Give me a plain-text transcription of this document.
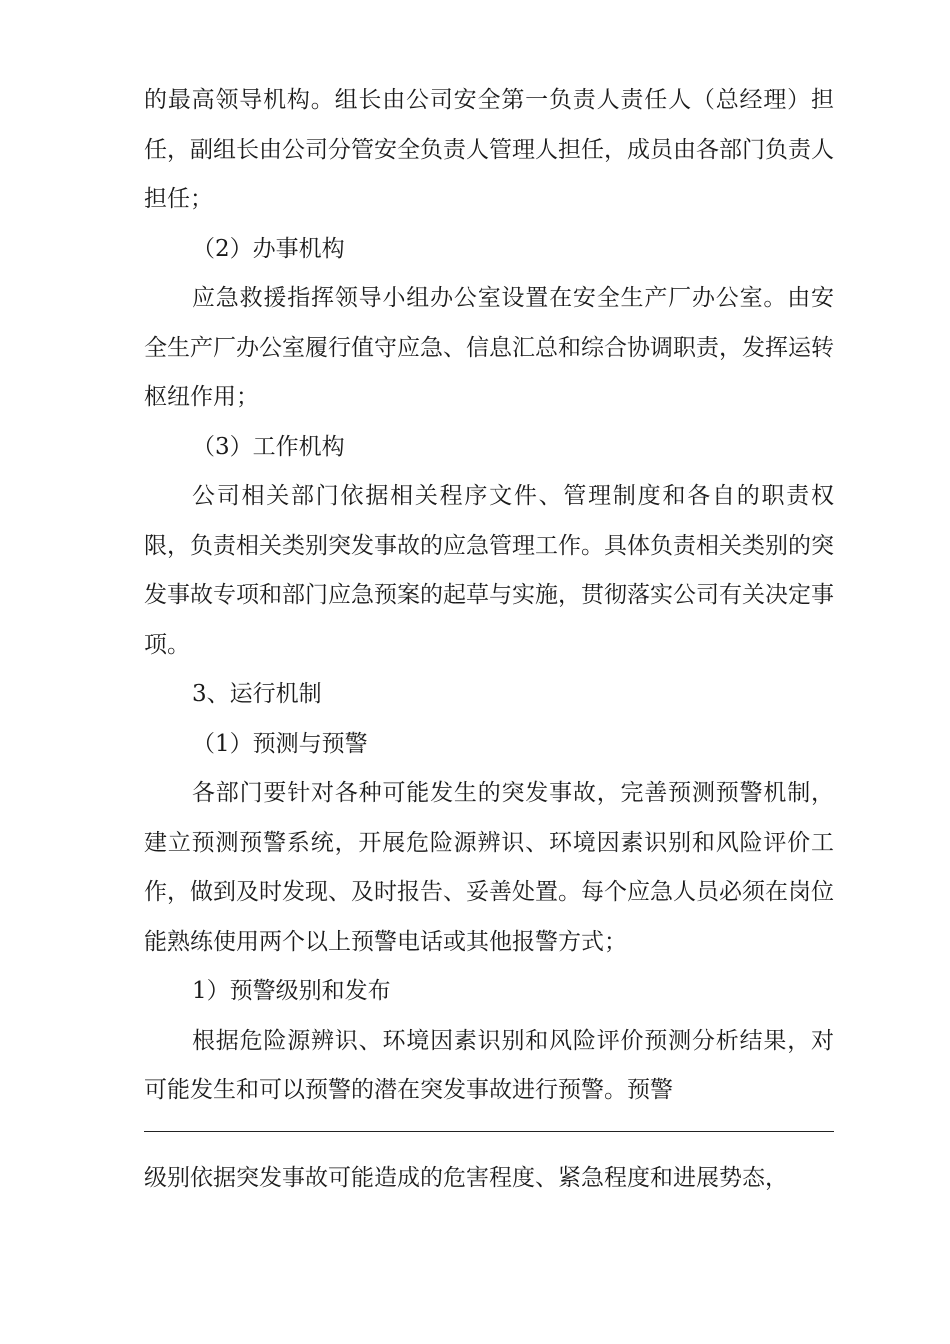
的最高领导机构。组长由公司安全第一负责人责任人（总经理）担任，副组长由公司分管安全负责人管理人担任，成员由各部门负责人担任；

（2）办事机构

应急救援指挥领导小组办公室设置在安全生产厂办公室。由安全生产厂办公室履行值守应急、信息汇总和综合协调职责，发挥运转枢纽作用；

（3）工作机构

公司相关部门依据相关程序文件、管理制度和各自的职责权限，负责相关类别突发事故的应急管理工作。具体负责相关类别的突发事故专项和部门应急预案的起草与实施，贯彻落实公司有关决定事项。

3、运行机制

（1）预测与预警

各部门要针对各种可能发生的突发事故，完善预测预警机制，建立预测预警系统，开展危险源辨识、环境因素识别和风险评价工作，做到及时发现、及时报告、妥善处置。每个应急人员必须在岗位能熟练使用两个以上预警电话或其他报警方式；

1）预警级别和发布

根据危险源辨识、环境因素识别和风险评价预测分析结果，对可能发生和可以预警的潜在突发事故进行预警。预警

级别依据突发事故可能造成的危害程度、紧急程度和进展势态，
